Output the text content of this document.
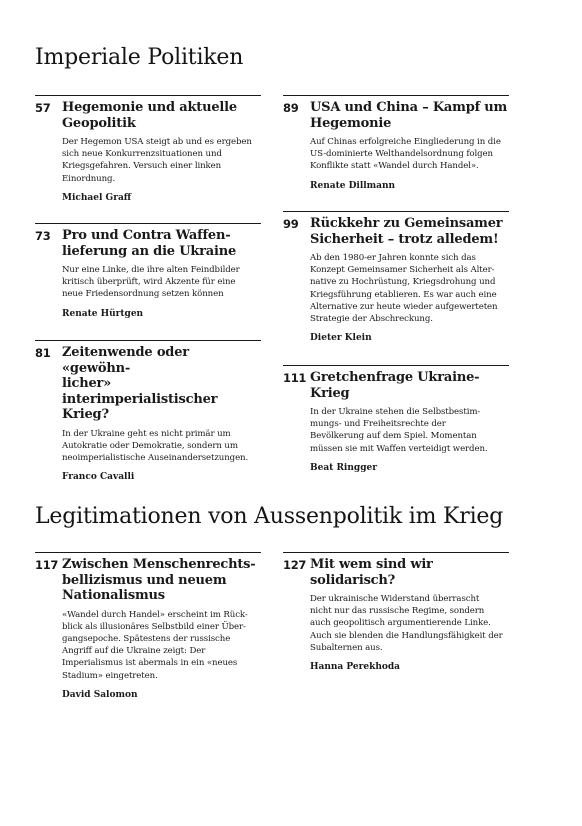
Imperiale Politiken
57 Hegemonie und aktuelle
Geopolitik

Der Hegemon USA steigt ab und es ergeben
sich neue Konkurrenzsituationen und
Kriegsgefahren. Versuch einer linken
Einordnung.

Michael Graff

89 USA und China – Kampf um
Hegemonie

Auf Chinas erfolgreiche Eingliederung in die
US-dominierte Welthandelsordnung folgen
Konflikte statt «Wandel durch Handel».

Renate Dillmann

99 Rückkehr zu Gemeinsamer
Sicherheit – trotz alledem!

Ab den 1980-er Jahren konnte sich das
Konzept Gemeinsamer Sicherheit als Alter-
native zu Hochrüstung, Kriegsdrohung und
Kriegsführung etablieren. Es war auch eine
Alternative zur heute wieder aufgewerteten
Strategie der Abschreckung.

Dieter Klein

73 Pro und Contra Waffen-
lieferung an die Ukraine

Nur eine Linke, die ihre alten Feindbilder
kritisch überprüft, wird Akzente für eine
neue Friedensordnung setzen können

Renate Hürtgen

81 Zeitenwende oder «gewöhn-
licher» interimperialistischer
Krieg?

In der Ukraine geht es nicht primär um
Autokratie oder Demokratie, sondern um
neoimperialistische Auseinandersetzungen.

Franco Cavalli

111 Gretchenfrage Ukraine-
Krieg

In der Ukraine stehen die Selbstbestim-
mungs- und Freiheitsrechte der
Bevölkerung auf dem Spiel. Momentan
müssen sie mit Waffen verteidigt werden.

Beat Ringger

Legitimationen von Aussenpolitik im Krieg
117 Zwischen Menschenrechts-
bellizismus und neuem
Nationalismus

«Wandel durch Handel» erscheint im Rück-
blick als illusionäres Selbstbild einer Über-
gangsepoche. Spätestens der russische
Angriff auf die Ukraine zeigt: Der
Imperialismus ist abermals in ein «neues
Stadium» eingetreten.

David Salomon

127 Mit wem sind wir
solidarisch?

Der ukrainische Widerstand überrascht
nicht nur das russische Regime, sondern
auch geopolitisch argumentierende Linke.
Auch sie blenden die Handlungsfähigkeit der
Subalternen aus.

Hanna Perekhoda
